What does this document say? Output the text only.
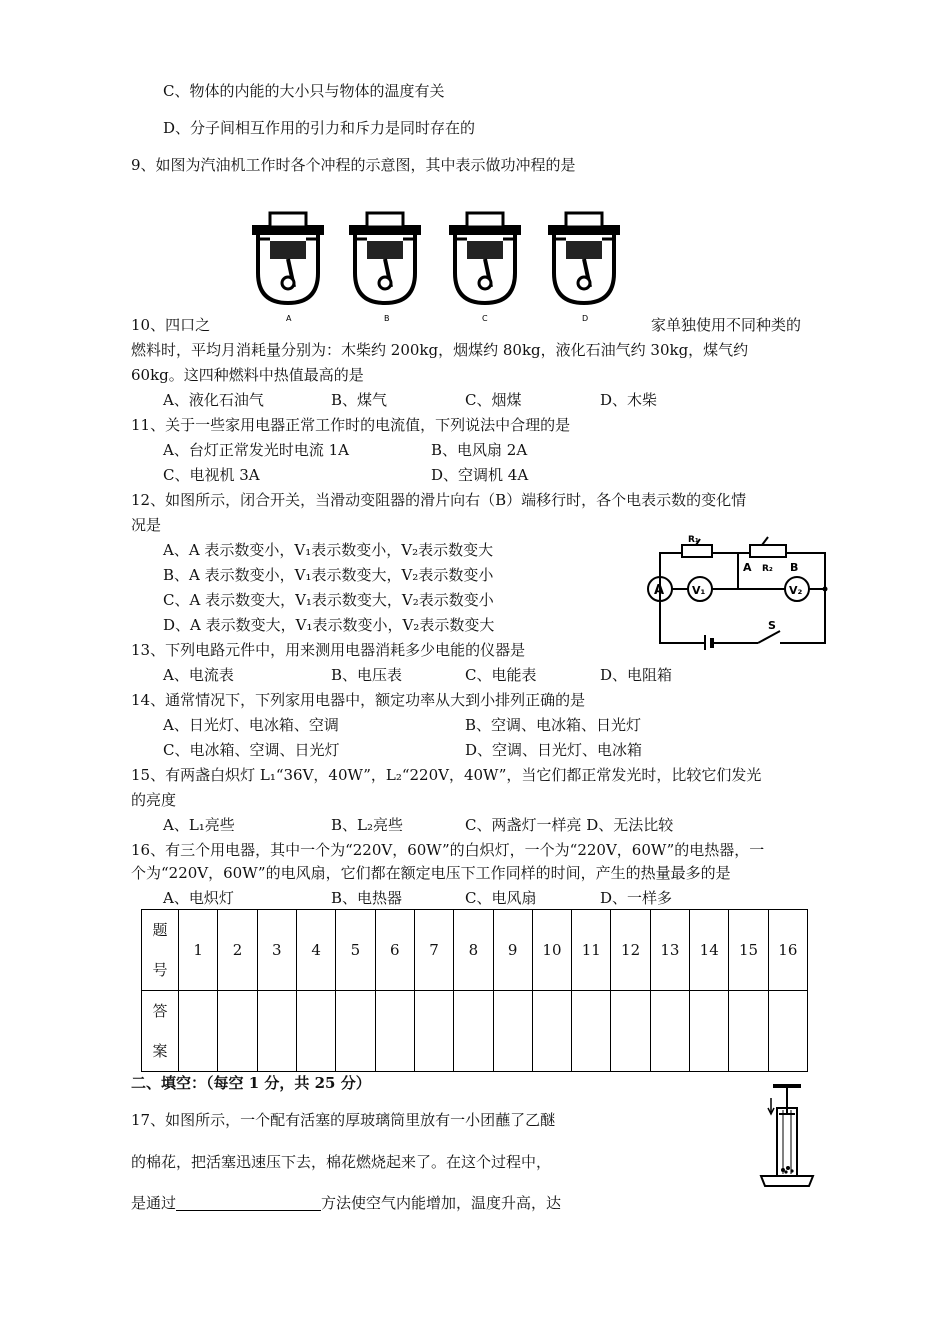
C、物体的内能的大小只与物体的温度有关
D、分子间相互作用的引力和斥力是同时存在的
9、如图为汽油机工作时各个冲程的示意图，其中表示做功冲程的是
A	B	C	D
10、四口之	家单独使用不同种类的
燃料时，平均月消耗量分别为：木柴约 200kg，烟煤约 80kg，液化石油气约 30kg，煤气约
60kg。这四种燃料中热值最高的是
A、液化石油气	B、煤气	C、烟煤	D、木柴
11、关于一些家用电器正常工作时的电流值，下列说法中合理的是
A、台灯正常发光时电流 1A	B、电风扇 2A
C、电视机 3A	D、空调机 4A
12、如图所示，闭合开关，当滑动变阻器的滑片向右（B）端移行时，各个电表示数的变化情
况是
A、A 表示数变小，V₁表示数变小，V₂表示数变大
B、A 表示数变小，V₁表示数变大，V₂表示数变小
C、A 表示数变大，V₁表示数变大，V₂表示数变小
D、A 表示数变大，V₁表示数变小，V₂表示数变大
A	V₁	V₂
A	B
R₁
R₂
S
13、下列电路元件中，用来测用电器消耗多少电能的仪器是
A、电流表	B、电压表	C、电能表	D、电阻箱
14、通常情况下，下列家用电器中，额定功率从大到小排列正确的是
A、日光灯、电冰箱、空调	B、空调、电冰箱、日光灯
C、电冰箱、空调、日光灯	D、空调、日光灯、电冰箱
15、有两盏白炽灯 L₁“36V，40W”，L₂“220V，40W”，当它们都正常发光时，比较它们发光
的亮度
A、L₁亮些	B、L₂亮些	C、两盏灯一样亮 D、无法比较
16、有三个用电器，其中一个为“220V，60W”的白炽灯，一个为“220V，60W”的电热器，一
个为“220V，60W”的电风扇，它们都在额定电压下工作同样的时间，产生的热量最多的是
A、电炽灯	B、电热器	C、电风扇	D、一样多
题号	1	2	3	4	5	6	7	8	9	10	11	12	13	14	15	16

答案																

二、填空：（每空 1 分，共 25 分）
17、如图所示，一个配有活塞的厚玻璃筒里放有一小团蘸了乙醚
的棉花，把活塞迅速压下去，棉花燃烧起来了。在这个过程中，
是通过	方法使空气内能增加，温度升高，达
